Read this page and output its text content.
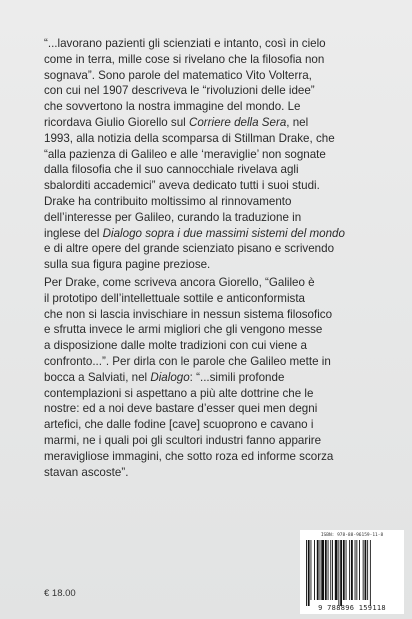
“...lavorano pazienti gli scienziati e intanto, così in cielo
come in terra, mille cose si rivelano che la filosofia non
sognava”. Sono parole del matematico Vito Volterra,
con cui nel 1907 descriveva le “rivoluzioni delle idee”
che sovvertono la nostra immagine del mondo. Le
ricordava Giulio Giorello sul Corriere della Sera, nel
1993, alla notizia della scomparsa di Stillman Drake, che
“alla pazienza di Galileo e alle ‘meraviglie’ non sognate
dalla filosofia che il suo cannocchiale rivelava agli
sbalorditi accademici” aveva dedicato tutti i suoi studi.
Drake ha contribuito moltissimo al rinnovamento
dell’interesse per Galileo, curando la traduzione in
inglese del Dialogo sopra i due massimi sistemi del mondo
e di altre opere del grande scienziato pisano e scrivendo
sulla sua figura pagine preziose.

Per Drake, come scriveva ancora Giorello, “Galileo è
il prototipo dell’intellettuale sottile e anticonformista
che non si lascia invischiare in nessun sistema filosofico
e sfrutta invece le armi migliori che gli vengono messe
a disposizione dalle molte tradizioni con cui viene a
confronto...”. Per dirla con le parole che Galileo mette in
bocca a Salviati, nel Dialogo: “...simili profonde
contemplazioni si aspettano a più alte dottrine che le
nostre: ed a noi deve bastare d’esser quei men degni
artefici, che dalle fodine [cave] scuoprono e cavano i
marmi, ne i quali poi gli scultori industri fanno apparire
meravigliose immagini, che sotto roza ed informe scorza
stavan ascoste”.

€ 18.00
ISBN: 978-88-96159-11-8
9 788896 159118
